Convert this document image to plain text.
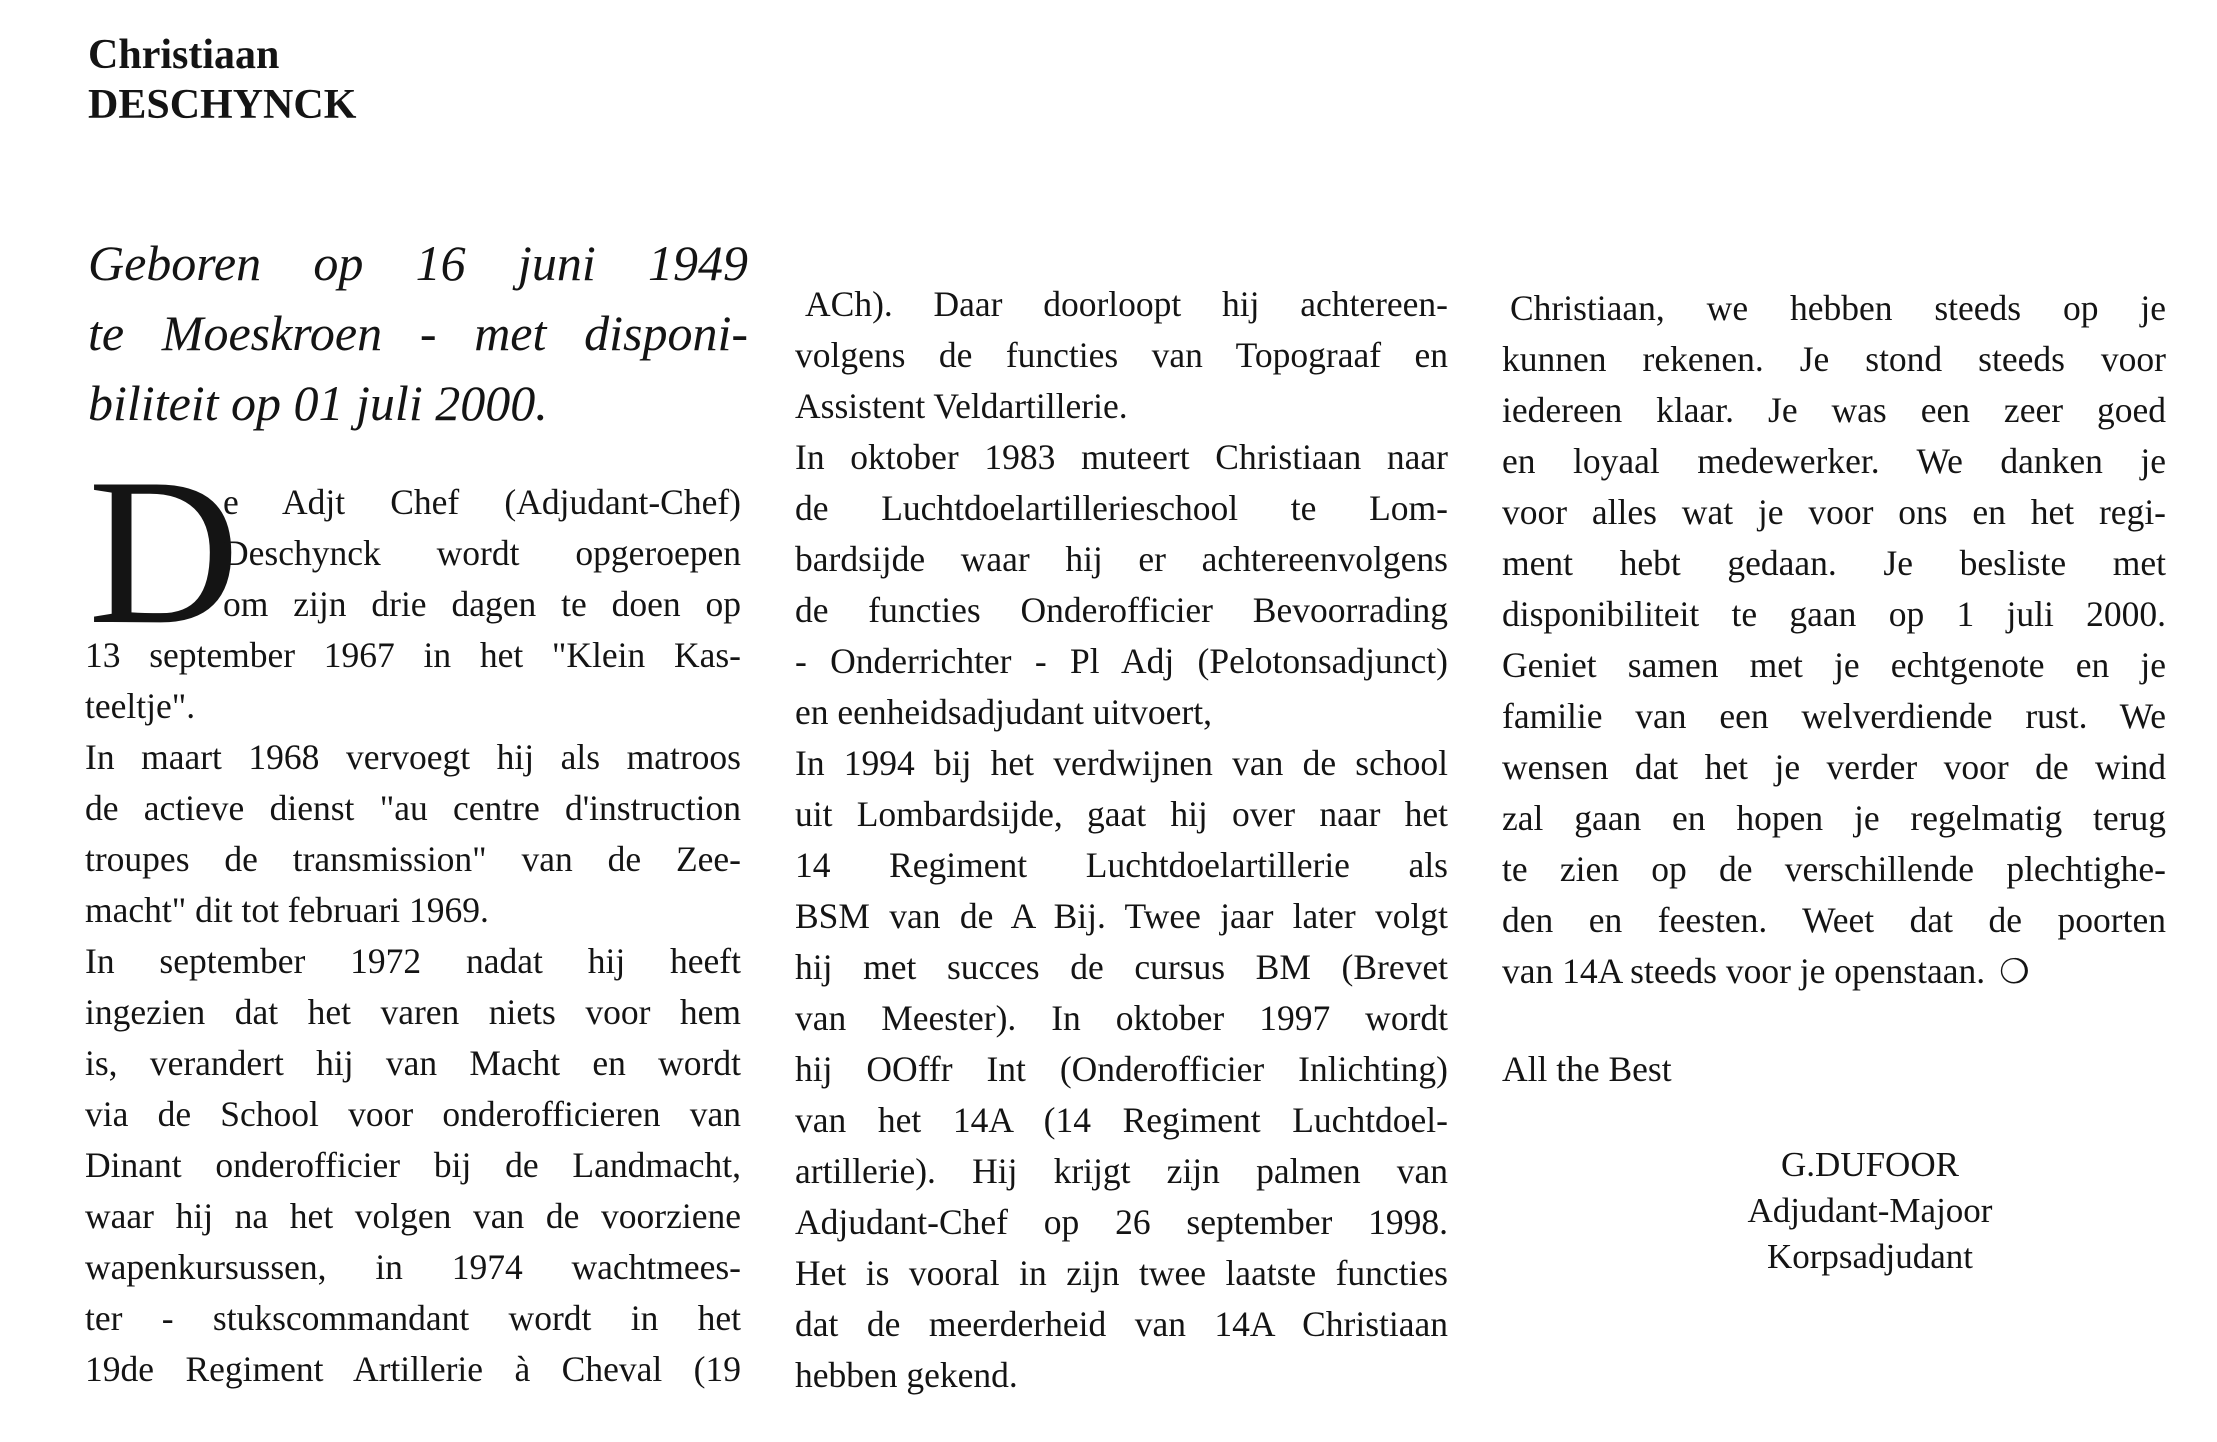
Christiaan
DESCHYNCK
Geboren op 16 juni 1949
te Moeskroen - met disponi-
biliteit op 01 juli 2000.
D
e Adjt Chef (Adjudant-Chef)
Deschynck wordt opgeroepen
om zijn drie dagen te doen op
13 september 1967 in het "Klein Kas-
teeltje".
In maart 1968 vervoegt hij als matroos
de actieve dienst "au centre d'instruction
troupes de transmission" van de Zee-
macht" dit tot februari 1969.
In september 1972 nadat hij heeft
ingezien dat het varen niets voor hem
is, verandert hij van Macht en wordt
via de School voor onderofficieren van
Dinant onderofficier bij de Landmacht,
waar hij na het volgen van de voorziene
wapenkursussen, in 1974 wachtmees-
ter - stukscommandant wordt in het
19de Regiment Artillerie à Cheval (19
ACh). Daar doorloopt hij achtereen-
volgens de functies van Topograaf en
Assistent Veldartillerie.
In oktober 1983 muteert Christiaan naar
de Luchtdoelartillerieschool te Lom-
bardsijde waar hij er achtereenvolgens
de functies Onderofficier Bevoorrading
- Onderrichter - Pl Adj (Pelotonsadjunct)
en eenheidsadjudant uitvoert,
In 1994 bij het verdwijnen van de school
uit Lombardsijde, gaat hij over naar het
14 Regiment Luchtdoelartillerie als
BSM van de A Bij. Twee jaar later volgt
hij met succes de cursus BM (Brevet
van Meester). In oktober 1997 wordt
hij OOffr Int (Onderofficier Inlichting)
van het 14A (14 Regiment Luchtdoel-
artillerie). Hij krijgt zijn palmen van
Adjudant-Chef op 26 september 1998.
Het is vooral in zijn twee laatste functies
dat de meerderheid van 14A Christiaan
hebben gekend.
Christiaan, we hebben steeds op je
kunnen rekenen. Je stond steeds voor
iedereen klaar. Je was een zeer goed
en loyaal medewerker. We danken je
voor alles wat je voor ons en het regi-
ment hebt gedaan. Je besliste met
disponibiliteit te gaan op 1 juli 2000.
Geniet samen met je echtgenote en je
familie van een welverdiende rust. We
wensen dat het je verder voor de wind
zal gaan en hopen je regelmatig terug
te zien op de verschillende plechtighe-
den en feesten. Weet dat de poorten
van 14A steeds voor je openstaan. ❍
All the Best
G.DUFOOR
Adjudant-Majoor
Korpsadjudant
